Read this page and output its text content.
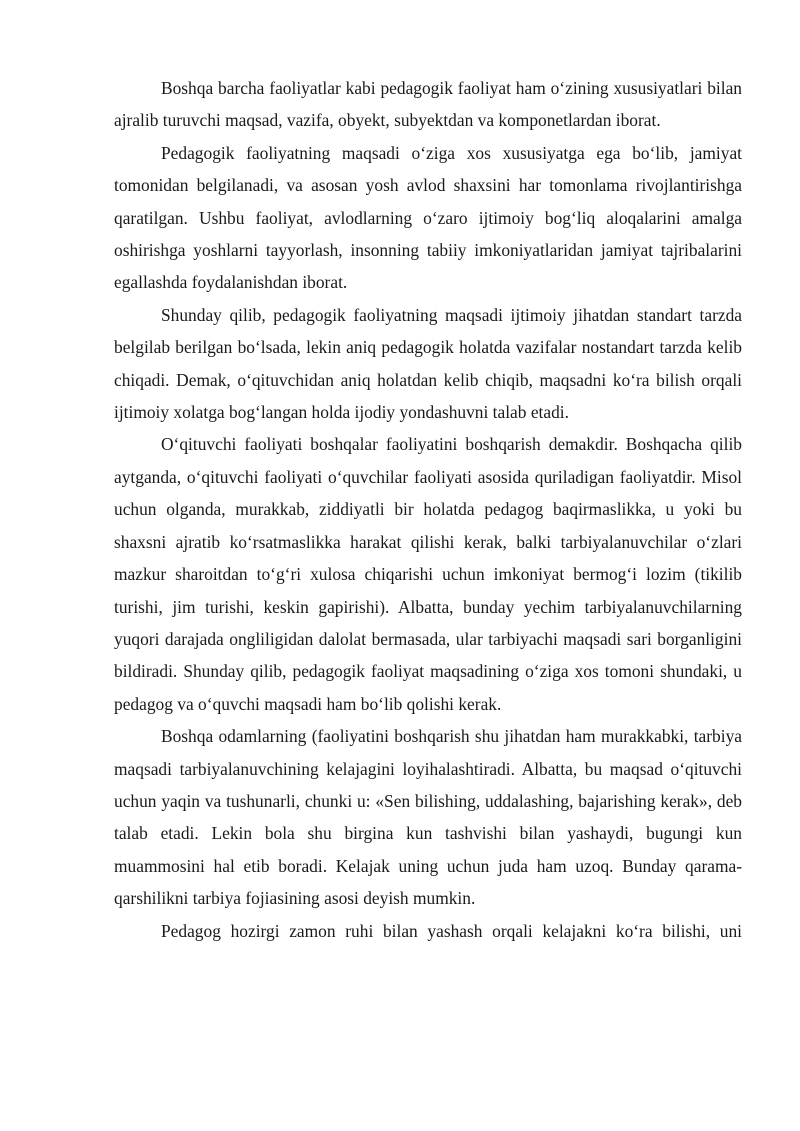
Boshqa barcha faoliyatlar kabi pedagogik faoliyat ham o‘zining xususiyatlari bilan ajralib turuvchi maqsad, vazifa, obyekt, subyektdan va komponetlardan iborat.

Pedagogik faoliyatning maqsadi o‘ziga xos xususiyatga ega bo‘lib, jamiyat tomonidan belgilanadi, va asosan yosh avlod shaxsini har tomonlama rivojlantirishga qaratilgan. Ushbu faoliyat, avlodlarning o‘zaro ijtimoiy bog‘liq aloqalarini amalga oshirishga yoshlarni tayyorlash, insonning tabiiy imkoniyatlaridan jamiyat tajribalarini egallashda foydalanishdan iborat.

Shunday qilib, pedagogik faoliyatning maqsadi ijtimoiy jihatdan standart tarzda belgilab berilgan bo‘lsada, lekin aniq pedagogik holatda vazifalar nostandart tarzda kelib chiqadi. Demak, o‘qituvchidan aniq holatdan kelib chiqib, maqsadni ko‘ra bilish orqali ijtimoiy xolatga bog‘langan holda ijodiy yondashuvni talab etadi.

O‘qituvchi faoliyati boshqalar faoliyatini boshqarish demakdir. Boshqacha qilib aytganda, o‘qituvchi faoliyati o‘quvchilar faoliyati asosida quriladigan faoliyatdir. Misol uchun olganda, murakkab, ziddiyatli bir holatda pedagog baqirmaslikka, u yoki bu shaxsni ajratib ko‘rsatmaslikka harakat qilishi kerak, balki tarbiyalanuvchilar o‘zlari mazkur sharoitdan to‘g‘ri xulosa chiqarishi uchun imkoniyat bermog‘i lozim (tikilib turishi, jim turishi, keskin gapirishi). Albatta, bunday yechim tarbiyalanuvchilarning yuqori darajada ongliligidan dalolat bermasada, ular tarbiyachi maqsadi sari borganligini bildiradi. Shunday qilib, pedagogik faoliyat maqsadining o‘ziga xos tomoni shundaki, u pedagog va o‘quvchi maqsadi ham bo‘lib qolishi kerak.

Boshqa odamlarning (faoliyatini boshqarish shu jihatdan ham murakkabki, tarbiya maqsadi tarbiyalanuvchining kelajagini loyihalashtiradi. Albatta, bu maqsad o‘qituvchi uchun yaqin va tushunarli, chunki u: «Sen bilishing, uddalashing, bajarishing kerak», deb talab etadi. Lekin bola shu birgina kun tashvishi bilan yashaydi, bugungi kun muammosini hal etib boradi. Kelajak uning uchun juda ham uzoq. Bunday qarama-qarshilikni tarbiya fojiasining asosi deyish mumkin.

Pedagog hozirgi zamon ruhi bilan yashash orqali kelajakni ko‘ra bilishi, uni
